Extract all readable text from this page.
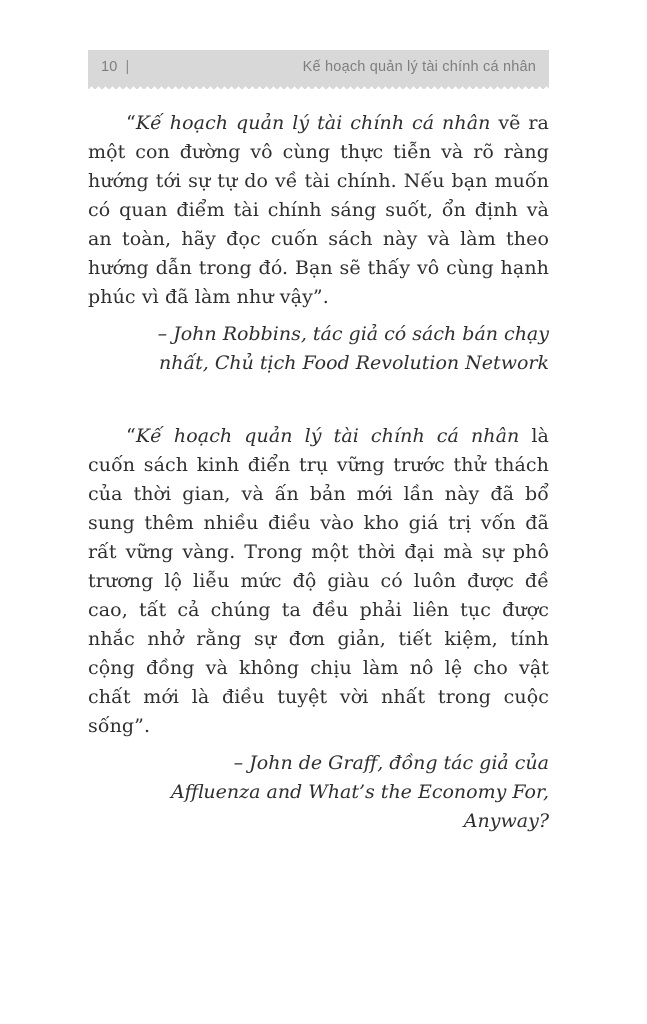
10 |	Kế hoạch quản lý tài chính cá nhân

“Kế hoạch quản lý tài chính cá nhân vẽ ra một con đường vô cùng thực tiễn và rõ ràng hướng tới sự tự do về tài chính. Nếu bạn muốn có quan điểm tài chính sáng suốt, ổn định và an toàn, hãy đọc cuốn sách này và làm theo hướng dẫn trong đó. Bạn sẽ thấy vô cùng hạnh phúc vì đã làm như vậy”.

– John Robbins, tác giả có sách bán chạy
nhất, Chủ tịch Food Revolution Network

“Kế hoạch quản lý tài chính cá nhân là cuốn sách kinh điển trụ vững trước thử thách của thời gian, và ấn bản mới lần này đã bổ sung thêm nhiều điều vào kho giá trị vốn đã rất vững vàng. Trong một thời đại mà sự phô trương lộ liễu mức độ giàu có luôn được đề cao, tất cả chúng ta đều phải liên tục được nhắc nhở rằng sự đơn giản, tiết kiệm, tính cộng đồng và không chịu làm nô lệ cho vật chất mới là điều tuyệt vời nhất trong cuộc sống”.

– John de Graff, đồng tác giả của
Affluenza and What’s the Economy For, Anyway?
